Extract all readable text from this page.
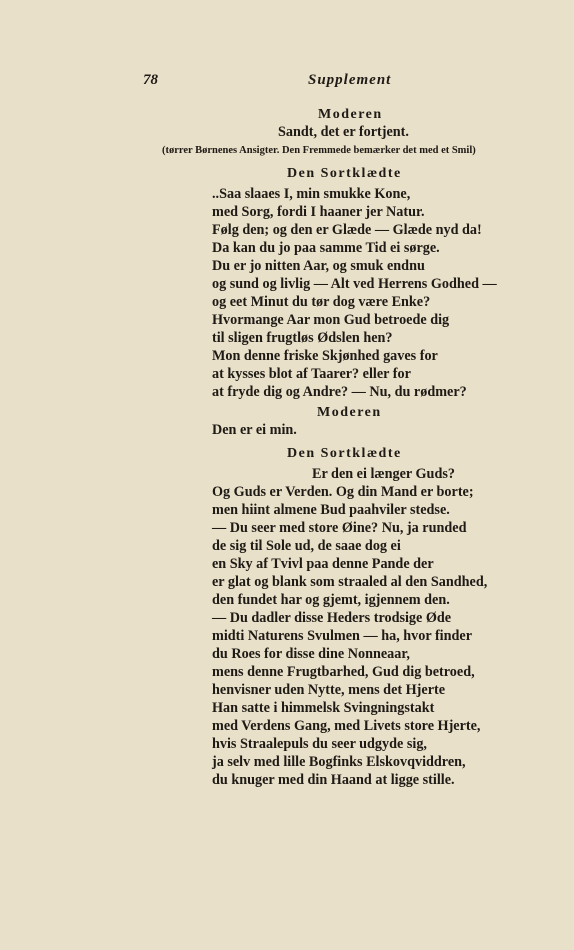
78	Supplement
Moderen
Sandt, det er fortjent.
(tørrer Børnenes Ansigter. Den Fremmede bemærker det med et Smil)
Den Sortklædte
..Saa slaaes I, min smukke Kone,
med Sorg, fordi I haaner jer Natur.
Følg den; og den er Glæde — Glæde nyd da!
Da kan du jo paa samme Tid ei sørge.
Du er jo nitten Aar, og smuk endnu
og sund og livlig — Alt ved Herrens Godhed —
og eet Minut du tør dog være Enke?
Hvormange Aar mon Gud betroede dig
til sligen frugtløs Ødslen hen?
Mon denne friske Skjønhed gaves for
at kysses blot af Taarer? eller for
at fryde dig og Andre? — Nu, du rødmer?
Moderen
Den er ei min.
Den Sortklædte
Er den ei længer Guds?
Og Guds er Verden. Og din Mand er borte;
men hiint almene Bud paahviler stedse.
— Du seer med store Øine? Nu, ja runded
de sig til Sole ud, de saae dog ei
en Sky af Tvivl paa denne Pande der
er glat og blank som straaled al den Sandhed,
den fundet har og gjemt, igjennem den.
— Du dadler disse Heders trodsige Øde
midti Naturens Svulmen — ha, hvor finder
du Roes for disse dine Nonneaar,
mens denne Frugtbarhed, Gud dig betroed,
henvisner uden Nytte, mens det Hjerte
Han satte i himmelsk Svingningstakt
med Verdens Gang, med Livets store Hjerte,
hvis Straalepuls du seer udgyde sig,
ja selv med lille Bogfinks Elskovqviddren,
du knuger med din Haand at ligge stille.
